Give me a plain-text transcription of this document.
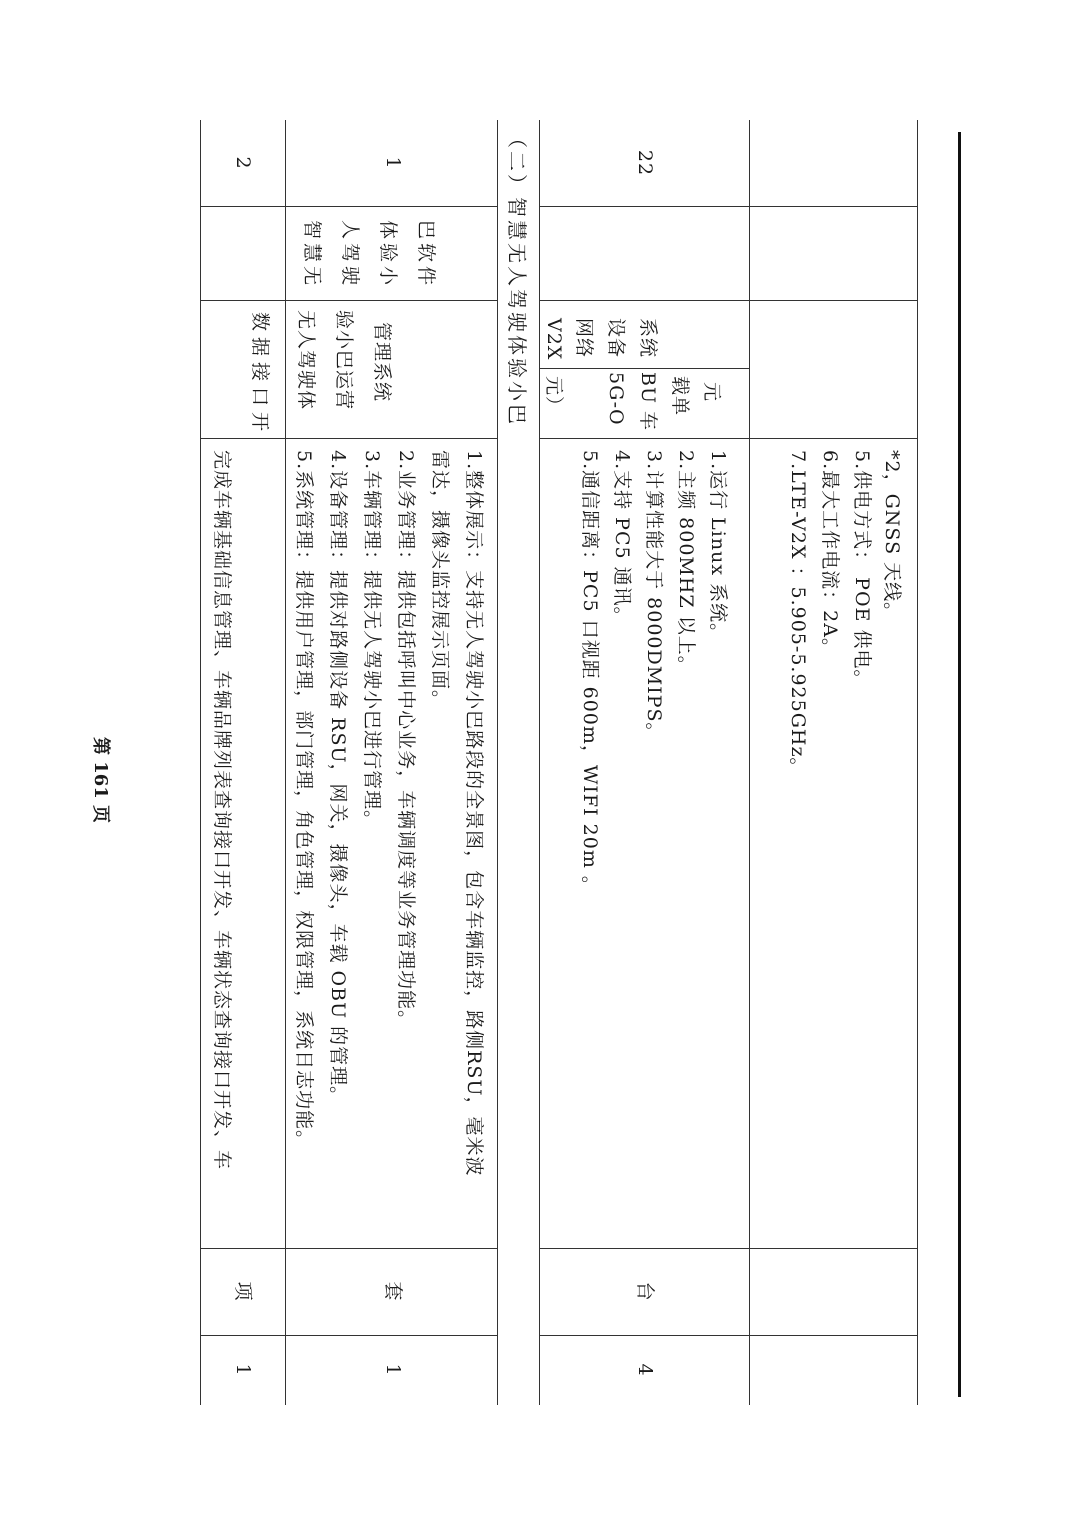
22
V2X 网络 设备 系统
元） 5G-O BU 车 载单 元
*2，GNSS 天线。
5.供电方式： POE 供电。
6.最大工作电流：2A。
7.LTE-V2X ：5.905-5.925GHz。
1.运行 Linux 系统。
2.主频 800MHZ 以上。
3.计算性能大于 8000DMIPS。
4.支持 PC5 通讯。
5.通信距离：PC5 口视距 600m，WIFI 20m 。
台
4
（二）智慧无人驾驶体验小巴
1
智慧无 人驾驶 体验小 巴软件
无人驾驶体 验小巴运营 管理系统
1.整体展示：支持无人驾驶小巴路段的全景图，包含车辆监控，路侧RSU，毫米波
雷达，摄像头监控展示页面。
2.业务管理：提供包括呼叫中心业务，车辆调度等业务管理功能。
3.车辆管理：提供无人驾驶小巴进行管理。
4.设备管理：提供对路侧设备 RSU，网关，摄像头，车载 OBU 的管理。
5.系统管理：提供用户管理，部门管理，角色管理，权限管理，系统日志功能。
套
1
2
数据接口开
完成车辆基础信息管理、车辆品牌列表查询接口开发、车辆状态查询接口开发、车
项
1
第 161 页
